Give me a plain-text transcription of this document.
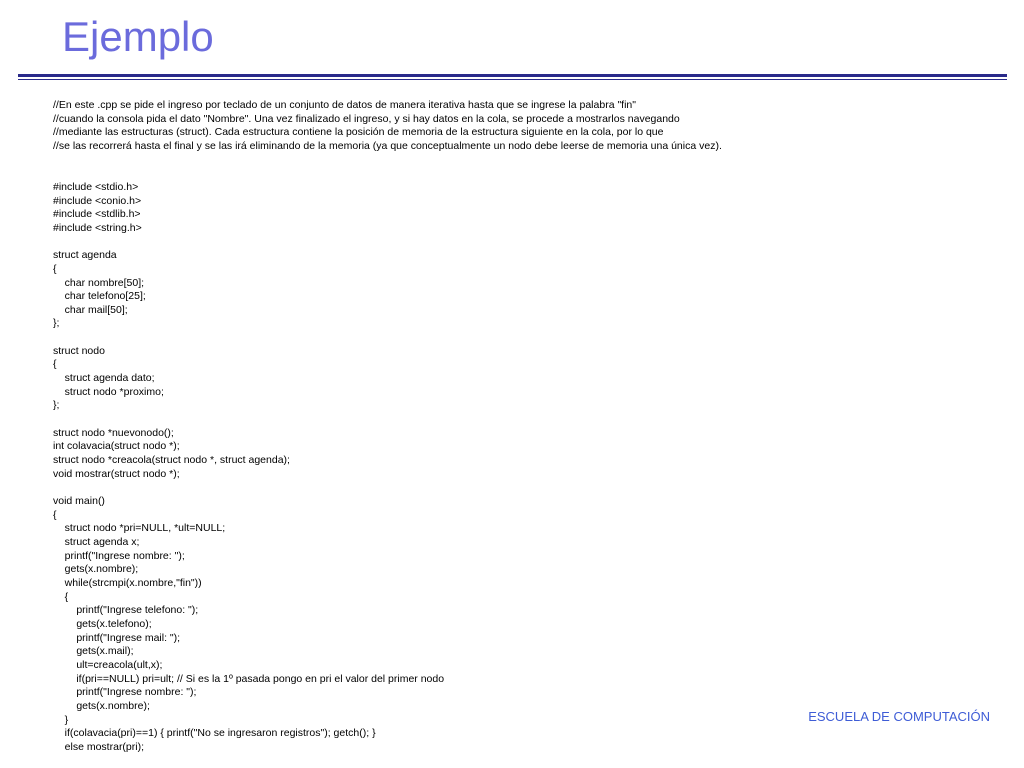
Ejemplo

//En este .cpp se pide el ingreso por teclado de un conjunto de datos de manera iterativa hasta que se ingrese la palabra "fin"
//cuando la consola pida el dato "Nombre". Una vez finalizado el ingreso, y si hay datos en la cola, se procede a mostrarlos navegando
//mediante las estructuras (struct). Cada estructura contiene la posición de memoria de la estructura siguiente en la cola, por lo que
//se las recorrerá hasta el final y se las irá eliminando de la memoria (ya que conceptualmente un nodo debe leerse de memoria una única vez).

#include <stdio.h>
#include <conio.h>
#include <stdlib.h>
#include <string.h>

struct agenda
{
char nombre[50];
char telefono[25];
char mail[50];
};

struct nodo
{
struct agenda dato;
struct nodo *proximo;
};

struct nodo *nuevonodo();
int colavacia(struct nodo *);
struct nodo *creacola(struct nodo *, struct agenda);
void mostrar(struct nodo *);

void main()
{
struct nodo *pri=NULL, *ult=NULL;
struct agenda x;
printf("Ingrese nombre: ");
gets(x.nombre);
while(strcmpi(x.nombre,"fin"))
{
printf("Ingrese telefono: ");
gets(x.telefono);
printf("Ingrese mail: ");
gets(x.mail);
ult=creacola(ult,x);
if(pri==NULL) pri=ult; // Si es la 1º pasada pongo en pri el valor del primer nodo
printf("Ingrese nombre: ");
gets(x.nombre);
}
if(colavacia(pri)==1) { printf("No se ingresaron registros"); getch(); }
else mostrar(pri);
ESCUELA DE COMPUTACIÓN
